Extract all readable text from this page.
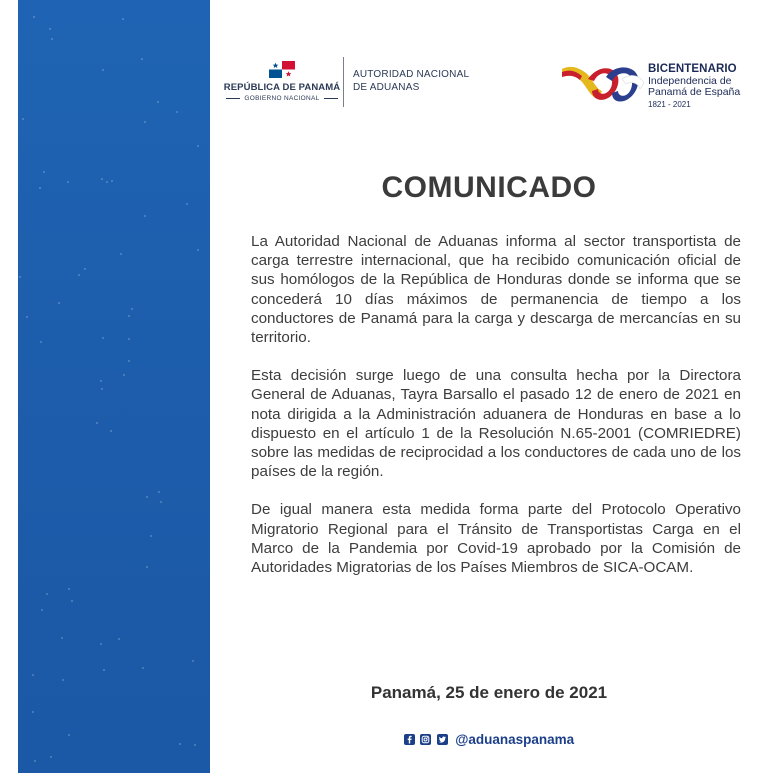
REPÚBLICA DE PANAMÁ
GOBIERNO NACIONAL
AUTORIDAD NACIONAL
DE ADUANAS
BICENTENARIO
Independencia de
Panamá de España
1821 - 2021
COMUNICADO

La Autoridad Nacional de Aduanas informa al sector transportista de carga terrestre internacional, que ha recibido comunicación oficial de sus homólogos de la República de Honduras donde se informa que se concederá 10 días máximos de permanencia de tiempo a los conductores de Panamá para la carga y descarga de mercancías en su territorio.

Esta decisión surge luego de una consulta hecha por la Directora General de Aduanas, Tayra Barsallo el pasado 12 de enero de 2021 en nota dirigida a la Administración aduanera de Honduras en base a lo dispuesto en el artículo 1 de la Resolución N.65-2001 (COMRIEDRE) sobre las medidas de reciprocidad a los conductores de cada uno de los países de la región.

De igual manera esta medida forma parte del Protocolo Operativo Migratorio Regional para el Tránsito de Transportistas Carga en el Marco de la Pandemia por Covid-19 aprobado por la Comisión de Autoridades Migratorias de los Países Miembros de SICA-OCAM.

Panamá, 25 de enero de 2021

@aduanaspanama
